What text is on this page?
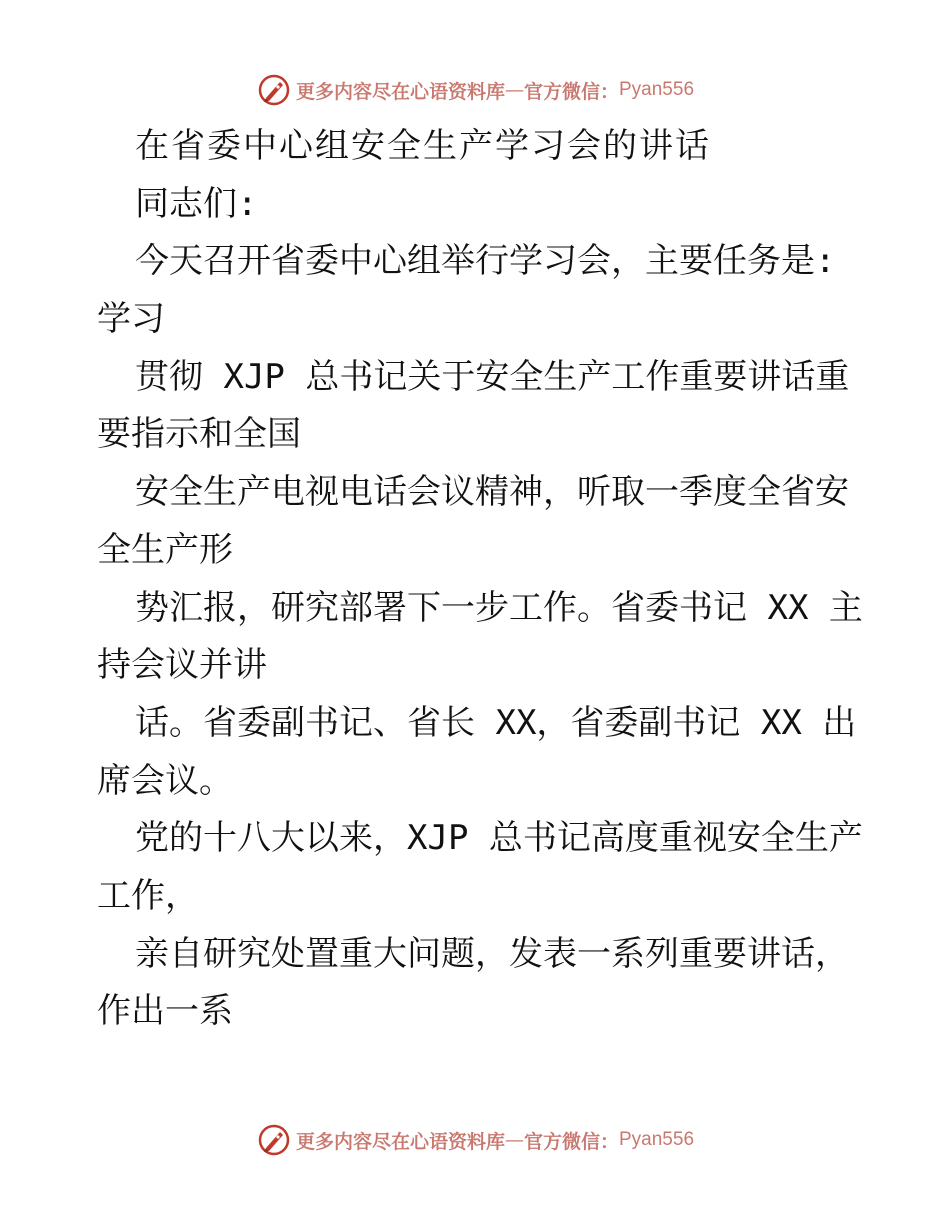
更多内容尽在心语资料库 — 官方微信： Pyan556
在省委中心组安全生产学习会的讲话
同志们:
今天召开省委中心组举行学习会，主要任务是:
学习
贯彻 XJP 总书记关于安全生产工作重要讲话重
要指示和全国
安全生产电视电话会议精神，听取一季度全省安
全生产形
势汇报，研究部署下一步工作。省委书记 XX 主
持会议并讲
话。省委副书记、省长 XX，省委副书记 XX 出
席会议。
党的十八大以来，XJP 总书记高度重视安全生产
工作，
亲自研究处置重大问题，发表一系列重要讲话，
作出一系
更多内容尽在心语资料库 — 官方微信： Pyan556
